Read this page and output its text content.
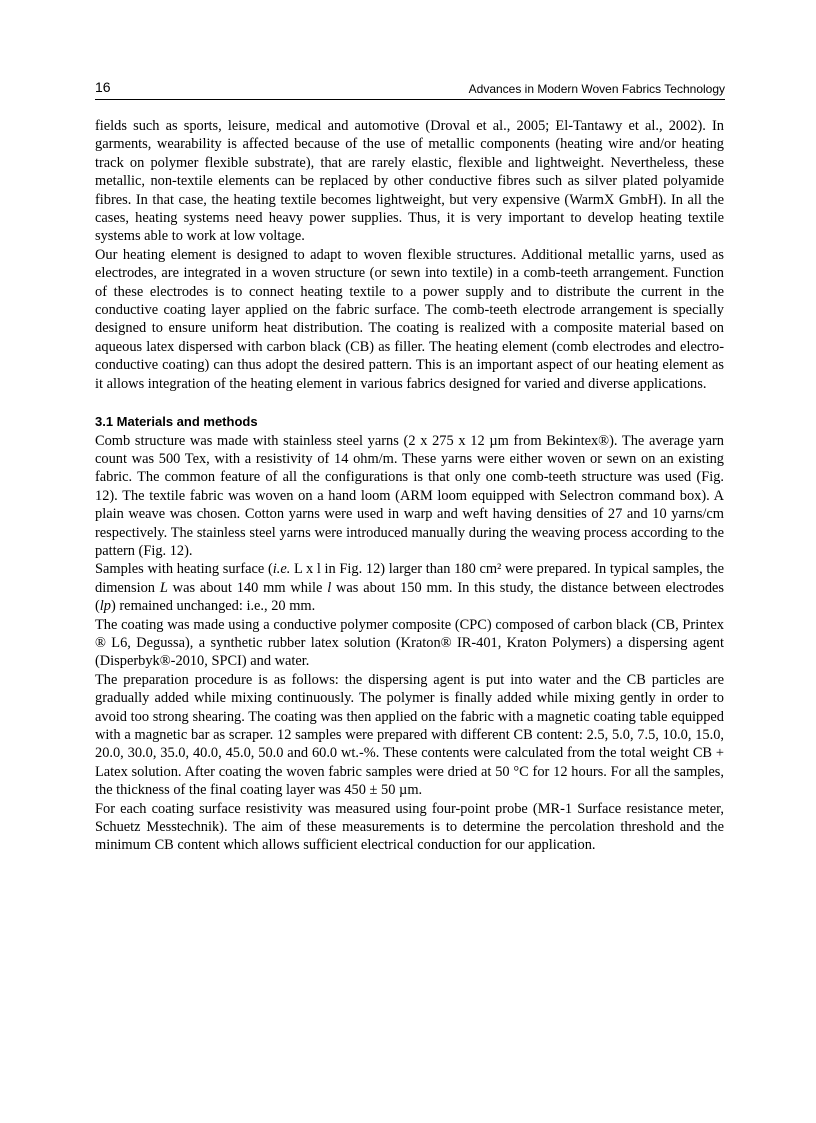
16	Advances in Modern Woven Fabrics Technology

fields such as sports, leisure, medical and automotive (Droval et al., 2005; El-Tantawy et al., 2002). In garments, wearability is affected because of the use of metallic components (heating wire and/or heating track on polymer flexible substrate), that are rarely elastic, flexible and lightweight. Nevertheless, these metallic, non-textile elements can be replaced by other conductive fibres such as silver plated polyamide fibres. In that case, the heating textile becomes lightweight, but very expensive (WarmX GmbH). In all the cases, heating systems need heavy power supplies. Thus, it is very important to develop heating textile systems able to work at low voltage.

Our heating element is designed to adapt to woven flexible structures. Additional metallic yarns, used as electrodes, are integrated in a woven structure (or sewn into textile) in a comb-teeth arrangement. Function of these electrodes is to connect heating textile to a power supply and to distribute the current in the conductive coating layer applied on the fabric surface. The comb-teeth electrode arrangement is specially designed to ensure uniform heat distribution. The coating is realized with a composite material based on aqueous latex dispersed with carbon black (CB) as filler. The heating element (comb electrodes and electro-conductive coating) can thus adopt the desired pattern. This is an important aspect of our heating element as it allows integration of the heating element in various fabrics designed for varied and diverse applications.

3.1 Materials and methods

Comb structure was made with stainless steel yarns (2 x 275 x 12 µm from Bekintex®). The average yarn count was 500 Tex, with a resistivity of 14 ohm/m. These yarns were either woven or sewn on an existing fabric. The common feature of all the configurations is that only one comb-teeth structure was used (Fig. 12). The textile fabric was woven on a hand loom (ARM loom equipped with Selectron command box). A plain weave was chosen. Cotton yarns were used in warp and weft having densities of 27 and 10 yarns/cm respectively. The stainless steel yarns were introduced manually during the weaving process according to the pattern (Fig. 12).

Samples with heating surface (i.e. L x l in Fig. 12) larger than 180 cm² were prepared. In typical samples, the dimension L was about 140 mm while l was about 150 mm. In this study, the distance between electrodes (lp) remained unchanged: i.e., 20 mm.

The coating was made using a conductive polymer composite (CPC) composed of carbon black (CB, Printex ® L6, Degussa), a synthetic rubber latex solution (Kraton® IR-401, Kraton Polymers) a dispersing agent (Disperbyk®-2010, SPCI) and water.

The preparation procedure is as follows: the dispersing agent is put into water and the CB particles are gradually added while mixing continuously. The polymer is finally added while mixing gently in order to avoid too strong shearing. The coating was then applied on the fabric with a magnetic coating table equipped with a magnetic bar as scraper. 12 samples were prepared with different CB content: 2.5, 5.0, 7.5, 10.0, 15.0, 20.0, 30.0, 35.0, 40.0, 45.0, 50.0 and 60.0 wt.-%. These contents were calculated from the total weight CB + Latex solution. After coating the woven fabric samples were dried at 50 °C for 12 hours. For all the samples, the thickness of the final coating layer was 450 ± 50 µm.

For each coating surface resistivity was measured using four-point probe (MR-1 Surface resistance meter, Schuetz Messtechnik). The aim of these measurements is to determine the percolation threshold and the minimum CB content which allows sufficient electrical conduction for our application.
